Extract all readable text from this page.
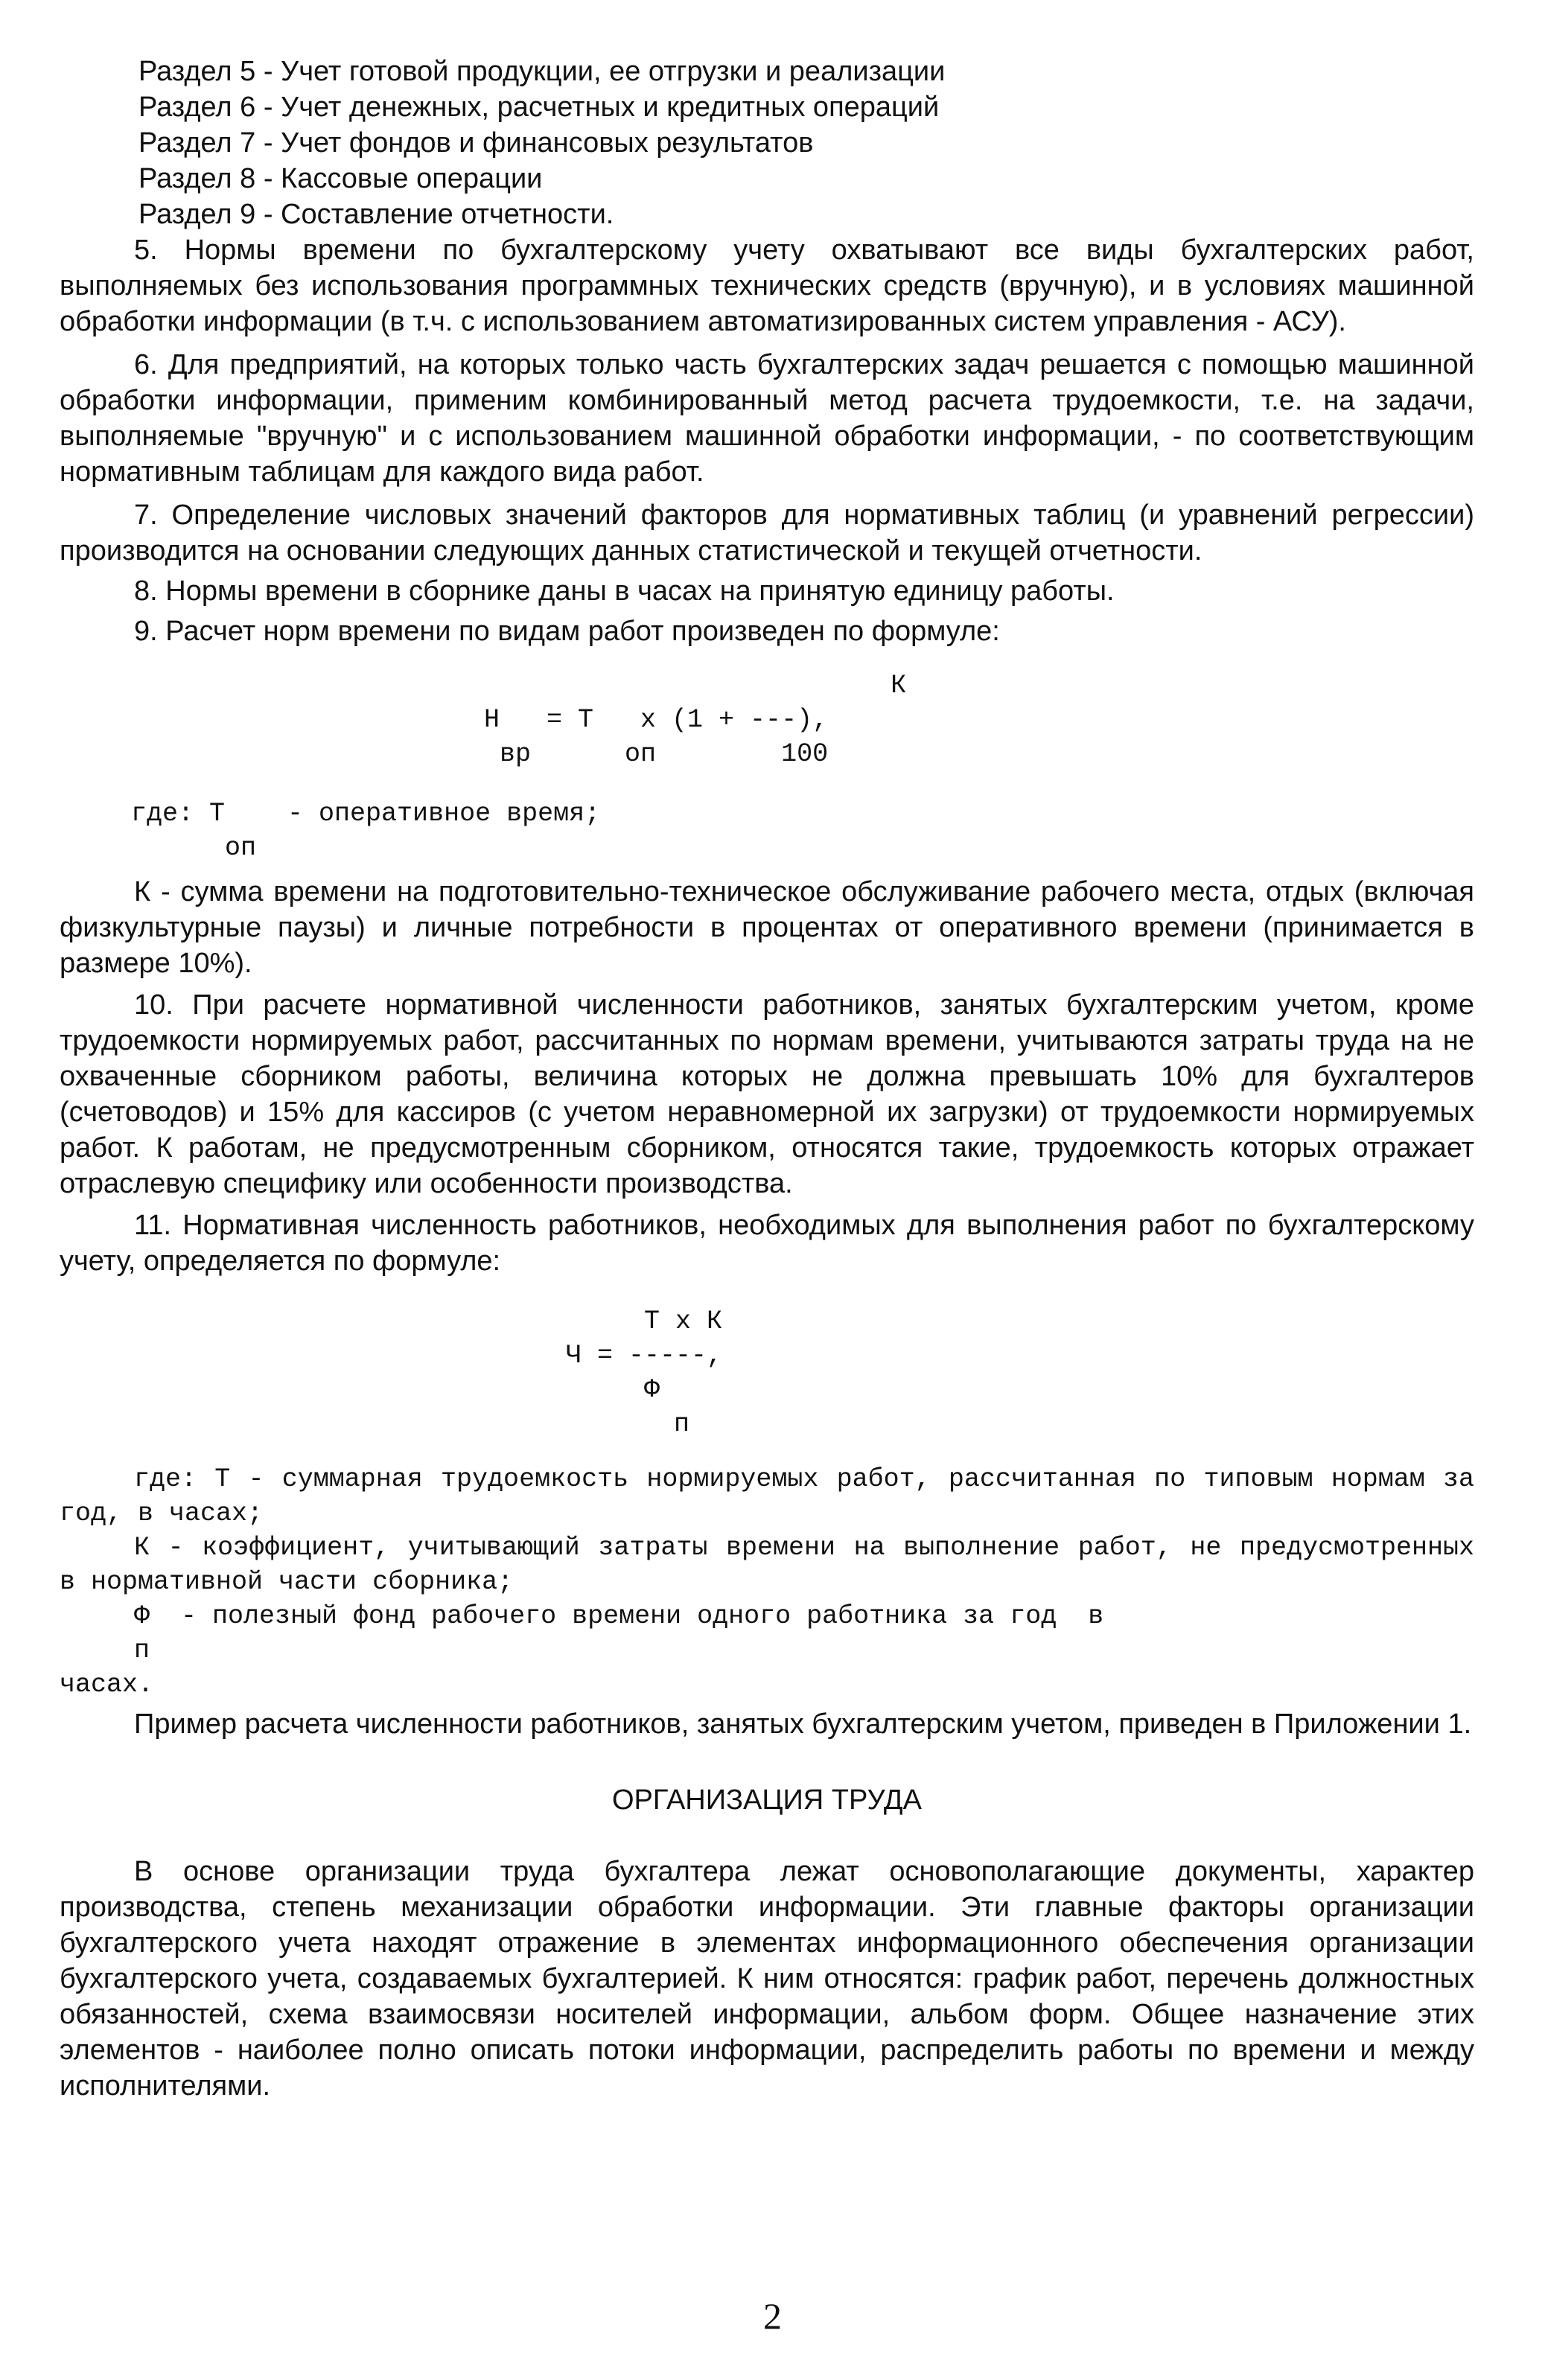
Раздел 5 - Учет готовой продукции, ее отгрузки и реализации
Раздел 6 - Учет денежных, расчетных и кредитных операций
Раздел 7 - Учет фондов и финансовых результатов
Раздел 8 - Кассовые операции
Раздел 9 - Составление отчетности.

5. Нормы времени по бухгалтерскому учету охватывают все виды бухгалтерских работ, выполняемых без использования программных технических средств (вручную), и в условиях машинной обработки информации (в т.ч. с использованием автоматизированных систем управления - АСУ).

6. Для предприятий, на которых только часть бухгалтерских задач решается с помощью машинной обработки информации, применим комбинированный метод расчета трудоемкости, т.е. на задачи, выполняемые "вручную" и с использованием машинной обработки информации, - по соответствующим нормативным таблицам для каждого вида работ.

7. Определение числовых значений факторов для нормативных таблиц (и уравнений регрессии) производится на основании следующих данных статистической и текущей отчетности.

8. Нормы времени в сборнике даны в часах на принятую единицу работы.

9. Расчет норм времени по видам работ произведен по формуле:

К
Н   = Т   х (1 + ---),
вр      оп        100
где: Т    - оперативное время;
оп

К - сумма времени на подготовительно-техническое обслуживание рабочего места, отдых (включая физкультурные паузы) и личные потребности в процентах от оперативного времени (принимается в размере 10%).

10. При расчете нормативной численности работников, занятых бухгалтерским учетом, кроме трудоемкости нормируемых работ, рассчитанных по нормам времени, учитываются затраты труда на не охваченные сборником работы, величина которых не должна превышать 10% для бухгалтеров (счетоводов) и 15% для кассиров (с учетом неравномерной их загрузки) от трудоемкости нормируемых работ. К работам, не предусмотренным сборником, относятся такие, трудоемкость которых отражает отраслевую специфику или особенности производства.

11. Нормативная численность работников, необходимых для выполнения работ по бухгалтерскому учету, определяется по формуле:

Т х К
Ч = -----,
Ф
п

где: Т - суммарная трудоемкость нормируемых работ, рассчитанная по типовым нормам за год, в часах;

К - коэффициент, учитывающий затраты времени на выполнение работ, не предусмотренных в нормативной части сборника;

Ф  - полезный фонд рабочего времени одного работника за год  в

п
часах.

Пример расчета численности работников, занятых бухгалтерским учетом, приведен в Приложении 1.

ОРГАНИЗАЦИЯ ТРУДА

В основе организации труда бухгалтера лежат основополагающие документы, характер производства, степень механизации обработки информации. Эти главные факторы организации бухгалтерского учета находят отражение в элементах информационного обеспечения организации бухгалтерского учета, создаваемых бухгалтерией. К ним относятся: график работ, перечень должностных обязанностей, схема взаимосвязи носителей информации, альбом форм. Общее назначение этих элементов - наиболее полно описать потоки информации, распределить работы по времени и между исполнителями.

2
